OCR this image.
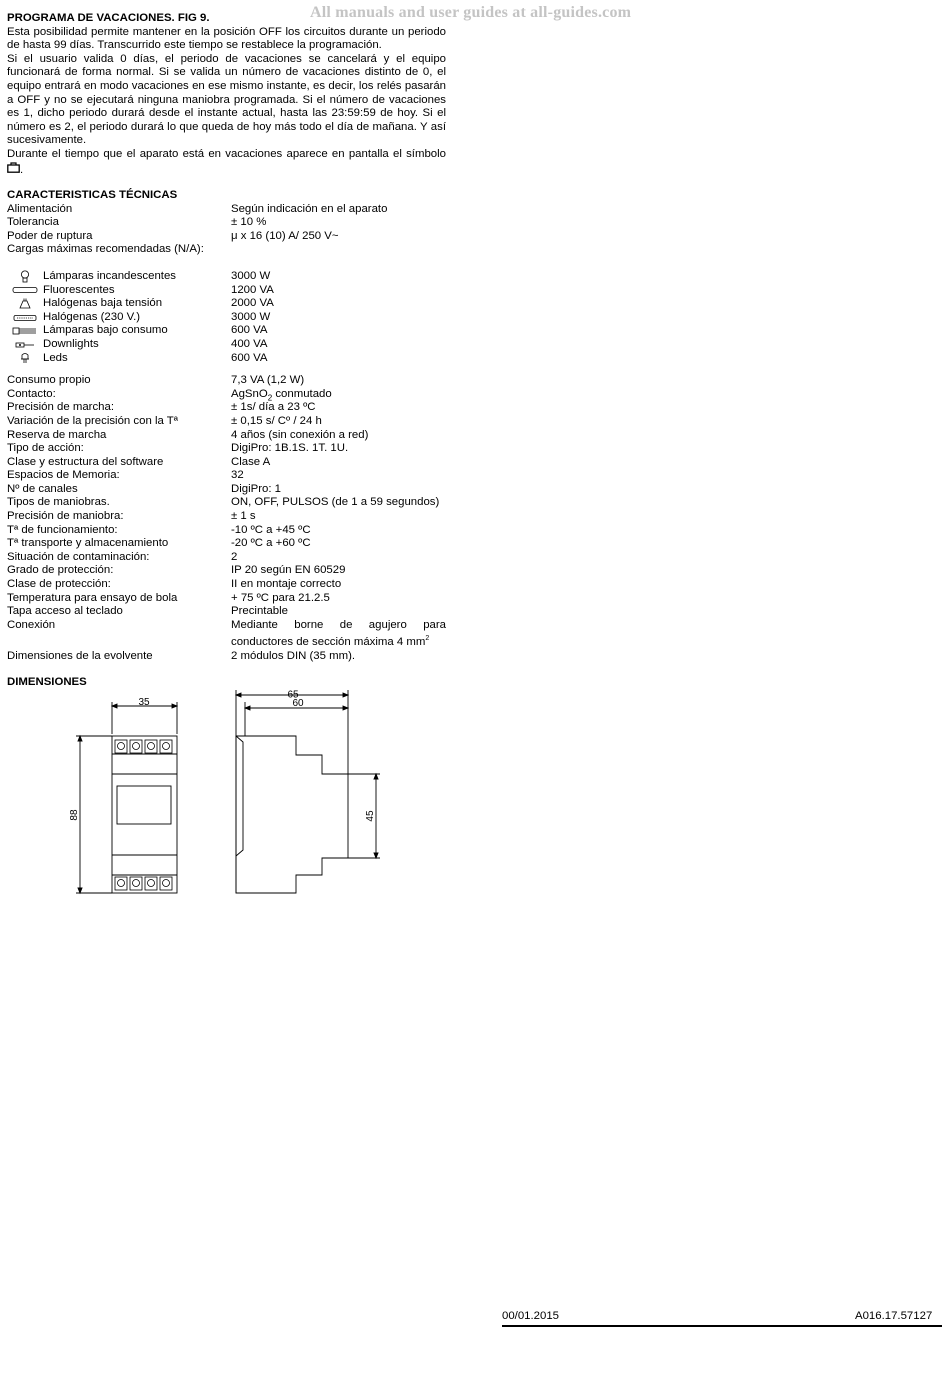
All manuals and user guides at all-guides.com
PROGRAMA DE VACACIONES. FIG 9.
Esta posibilidad permite mantener en la posición OFF los circuitos durante un periodo de hasta 99 días. Transcurrido este tiempo se restablece la programación.
Si el usuario valida 0 días, el periodo de vacaciones se cancelará y el equipo funcionará de forma normal. Si se valida un número de vacaciones distinto de 0, el equipo entrará en modo vacaciones en ese mismo instante, es decir, los relés pasarán a OFF y no se ejecutará ninguna maniobra programada. Si el número de vacaciones es 1, dicho periodo durará desde el instante actual, hasta las 23:59:59 de hoy. Si el número es 2, el periodo durará lo que queda de hoy más todo el día de mañana. Y así sucesivamente.
Durante el tiempo que el aparato está en vacaciones aparece en pantalla el símbolo .
CARACTERISTICAS TÉCNICAS
Alimentación	Según indicación en el aparato
Tolerancia	± 10 %
Poder de ruptura	μ x 16 (10) A/ 250 V~
Cargas máximas recomendadas (N/A):
Lámparas incandescentes	3000 W
Fluorescentes	1200 VA
Halógenas baja tensión	2000 VA
Halógenas (230 V.)	3000 W
Lámparas bajo consumo	600 VA
Downlights	400 VA
Leds	600 VA
Consumo propio	7,3 VA (1,2 W)
Contacto:	AgSnO$_2$ conmutado
Precisión de marcha:	± 1s/ día a 23 ºC
Variación de la precisión con la Tª	± 0,15 s/ Cº / 24 h
Reserva de marcha	4 años (sin conexión a red)
Tipo de acción:	DigiPro: 1B.1S. 1T. 1U.
Clase y estructura del software	Clase A
Espacios de Memoria:	32
Nº de canales	DigiPro: 1
Tipos de maniobras.	ON, OFF, PULSOS (de 1 a 59 segundos)
Precisión de maniobra:	± 1 s
Tª de funcionamiento:	-10 ºC a +45 ºC
Tª transporte y almacenamiento	-20 ºC a +60 ºC
Situación de contaminación:	2
Grado de protección:	IP 20 según EN 60529
Clase de protección:	II en montaje correcto
Temperatura para ensayo de bola	+ 75 ºC para 21.2.5
Tapa acceso al teclado	Precintable
Conexión	Mediante borne de agujero para conductores de sección máxima 4 $mm^2$
Dimensiones de la evolvente	2 módulos DIN (35 mm).
DIMENSIONES
35
88
65
60
45
00/01.2015	A016.17.57127
